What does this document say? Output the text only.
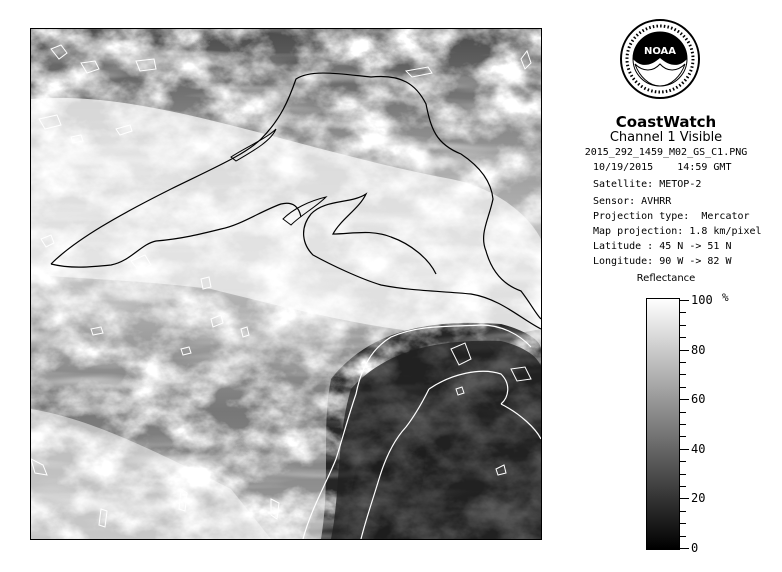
NOAA
CoastWatch
Channel 1 Visible
2015_292_1459_M02_GS_C1.PNG
10/19/2015    14:59 GMT
Satellite: METOP-2
Sensor: AVHRR
Projection type:  Mercator
Map projection: 1.8 km/pixel
Latitude : 45 N -> 51 N
Longitude: 90 W -> 82 W
Reflectance
%
100
80
60
40
20
0
